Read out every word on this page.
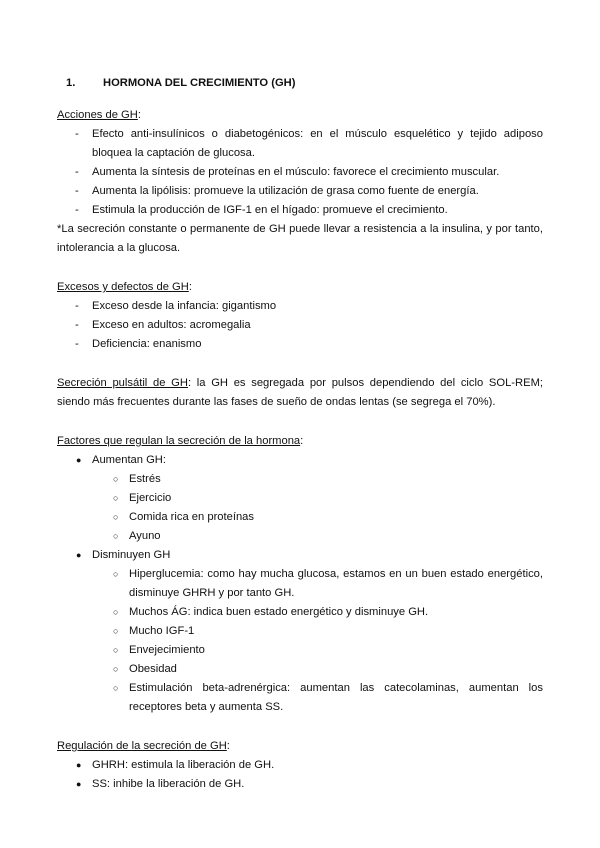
1. HORMONA DEL CRECIMIENTO (GH)
Acciones de GH:
- Efecto anti-insulínicos o diabetogénicos: en el músculo esquelético y tejido adiposo bloquea la captación de glucosa.
- Aumenta la síntesis de proteínas en el músculo: favorece el crecimiento muscular.
- Aumenta la lipólisis: promueve la utilización de grasa como fuente de energía.
- Estimula la producción de IGF-1 en el hígado: promueve el crecimiento.
*La secreción constante o permanente de GH puede llevar a resistencia a la insulina, y por tanto, intolerancia a la glucosa.
Excesos y defectos de GH:
- Exceso desde la infancia: gigantismo
- Exceso en adultos: acromegalia
- Deficiencia: enanismo
Secreción pulsátil de GH: la GH es segregada por pulsos dependiendo del ciclo SOL-REM; siendo más frecuentes durante las fases de sueño de ondas lentas (se segrega el 70%).
Factores que regulan la secreción de la hormona:
● Aumentan GH:
○ Estrés
○ Ejercicio
○ Comida rica en proteínas
○ Ayuno
● Disminuyen GH
○ Hiperglucemia: como hay mucha glucosa, estamos en un buen estado energético, disminuye GHRH y por tanto GH.
○ Muchos ÁG: indica buen estado energético y disminuye GH.
○ Mucho IGF-1
○ Envejecimiento
○ Obesidad
○ Estimulación beta-adrenérgica: aumentan las catecolaminas, aumentan los receptores beta y aumenta SS.
Regulación de la secreción de GH:
● GHRH: estimula la liberación de GH.
● SS: inhibe la liberación de GH.
